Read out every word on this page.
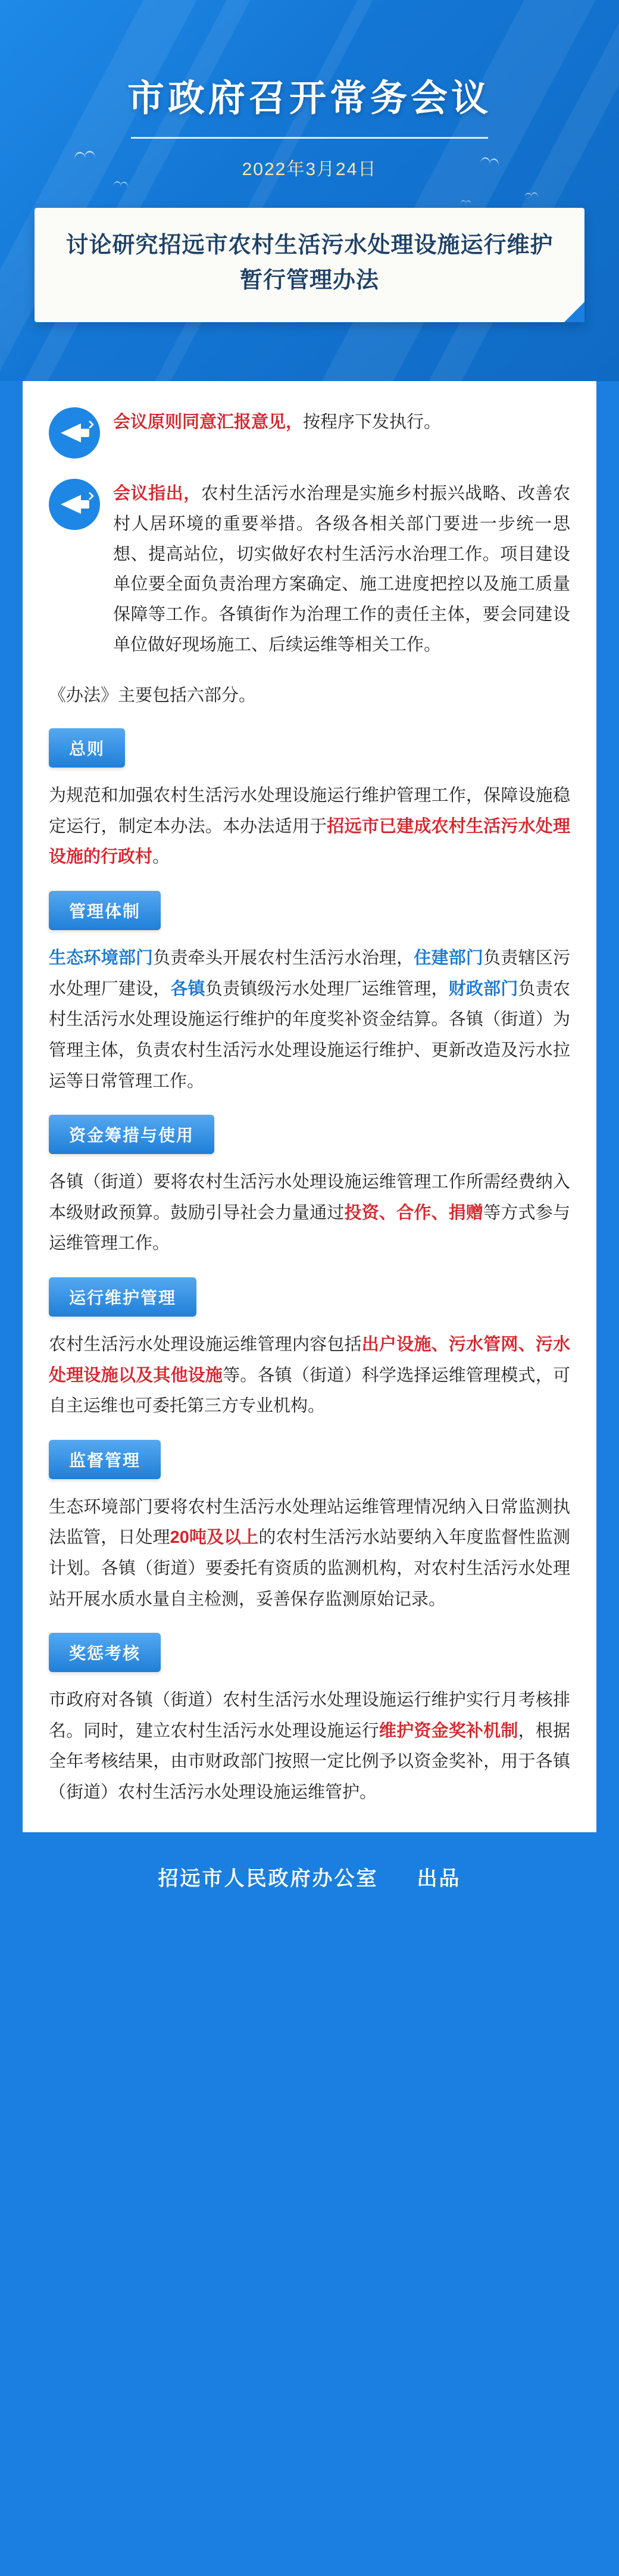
市政府召开常务会议
2022年3月24日
讨论研究招远市农村生活污水处理设施运行维护暂行管理办法
会议原则同意汇报意见，按程序下发执行。
会议指出，农村生活污水治理是实施乡村振兴战略、改善农村人居环境的重要举措。各级各相关部门要进一步统一思想、提高站位，切实做好农村生活污水治理工作。项目建设单位要全面负责治理方案确定、施工进度把控以及施工质量保障等工作。各镇街作为治理工作的责任主体，要会同建设单位做好现场施工、后续运维等相关工作。
《办法》主要包括六部分。
总则
为规范和加强农村生活污水处理设施运行维护管理工作，保障设施稳定运行，制定本办法。本办法适用于招远市已建成农村生活污水处理设施的行政村。
管理体制
生态环境部门负责牵头开展农村生活污水治理，住建部门负责辖区污水处理厂建设，各镇负责镇级污水处理厂运维管理，财政部门负责农村生活污水处理设施运行维护的年度奖补资金结算。各镇（街道）为管理主体，负责农村生活污水处理设施运行维护、更新改造及污水拉运等日常管理工作。
资金筹措与使用
各镇（街道）要将农村生活污水处理设施运维管理工作所需经费纳入本级财政预算。鼓励引导社会力量通过投资、合作、捐赠等方式参与运维管理工作。
运行维护管理
农村生活污水处理设施运维管理内容包括出户设施、污水管网、污水处理设施以及其他设施等。各镇（街道）科学选择运维管理模式，可自主运维也可委托第三方专业机构。
监督管理
生态环境部门要将农村生活污水处理站运维管理情况纳入日常监测执法监管，日处理20吨及以上的农村生活污水站要纳入年度监督性监测计划。各镇（街道）要委托有资质的监测机构，对农村生活污水处理站开展水质水量自主检测，妥善保存监测原始记录。
奖惩考核
市政府对各镇（街道）农村生活污水处理设施运行维护实行月考核排名。同时，建立农村生活污水处理设施运行维护资金奖补机制，根据全年考核结果，由市财政部门按照一定比例予以资金奖补，用于各镇（街道）农村生活污水处理设施运维管护。
招远市人民政府办公室 出品
